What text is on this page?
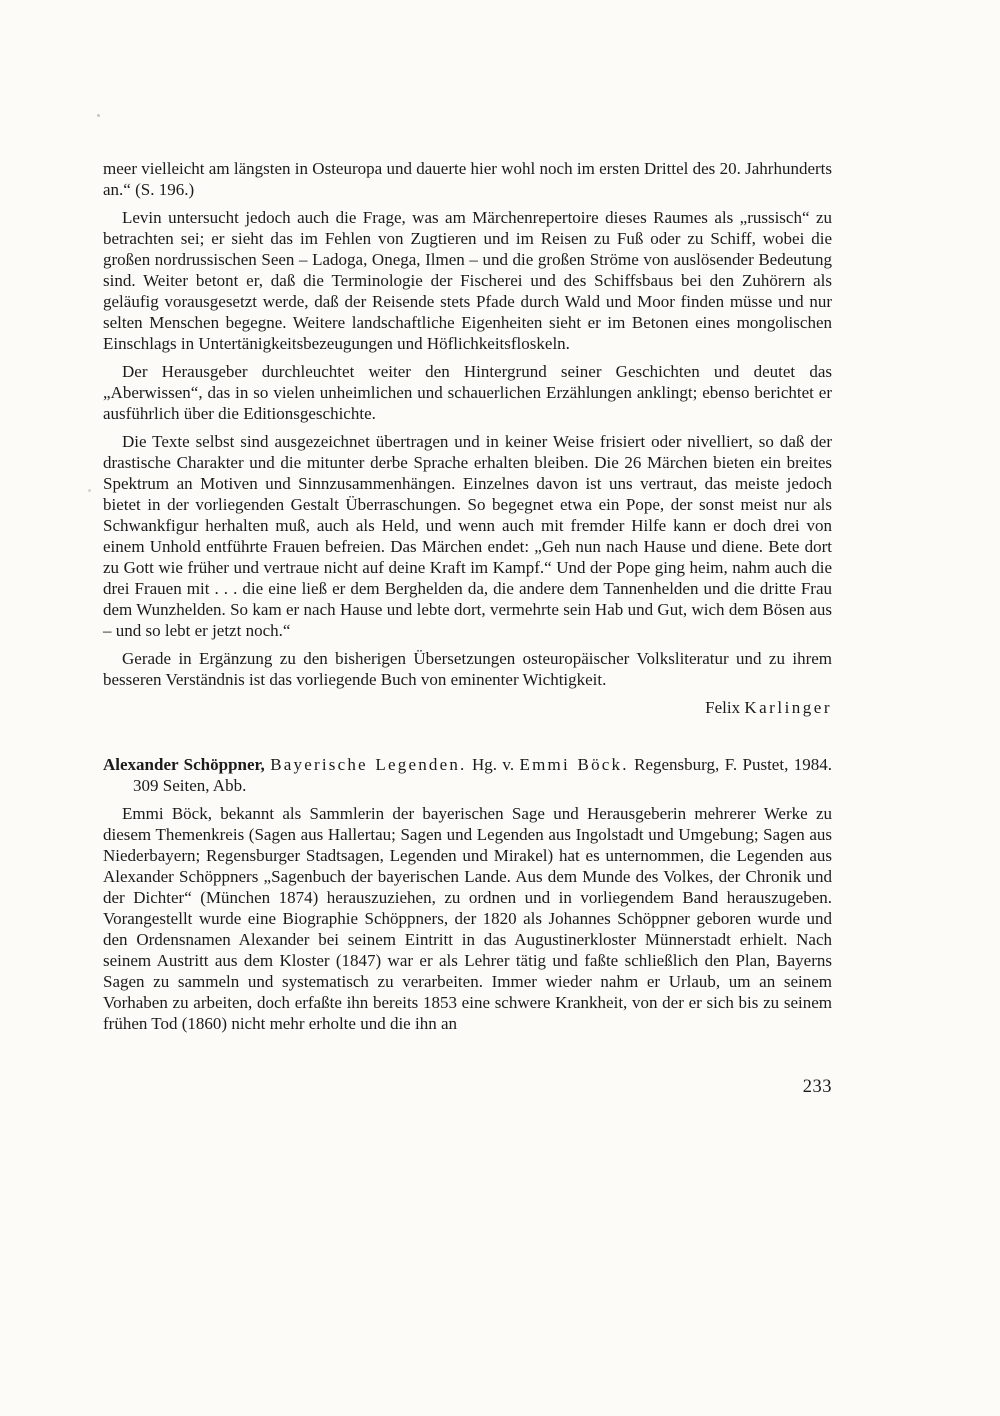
meer vielleicht am längsten in Osteuropa und dauerte hier wohl noch im ersten Drittel des 20. Jahrhunderts an.“ (S. 196.)

Levin untersucht jedoch auch die Frage, was am Märchenrepertoire dieses Raumes als „russisch“ zu betrachten sei; er sieht das im Fehlen von Zugtieren und im Reisen zu Fuß oder zu Schiff, wobei die großen nordrussischen Seen – Ladoga, Onega, Ilmen – und die großen Ströme von auslösender Bedeutung sind. Weiter betont er, daß die Terminologie der Fischerei und des Schiffsbaus bei den Zuhörern als geläufig vorausgesetzt werde, daß der Reisende stets Pfade durch Wald und Moor finden müsse und nur selten Menschen begegne. Weitere landschaftliche Eigenheiten sieht er im Betonen eines mongolischen Einschlags in Untertänigkeitsbezeugungen und Höflichkeitsfloskeln.

Der Herausgeber durchleuchtet weiter den Hintergrund seiner Geschichten und deutet das „Aberwissen“, das in so vielen unheimlichen und schauerlichen Erzählungen anklingt; ebenso berichtet er ausführlich über die Editionsgeschichte.

Die Texte selbst sind ausgezeichnet übertragen und in keiner Weise frisiert oder nivelliert, so daß der drastische Charakter und die mitunter derbe Sprache erhalten bleiben. Die 26 Märchen bieten ein breites Spektrum an Motiven und Sinnzusammenhängen. Einzelnes davon ist uns vertraut, das meiste jedoch bietet in der vorliegenden Gestalt Überraschungen. So begegnet etwa ein Pope, der sonst meist nur als Schwankfigur herhalten muß, auch als Held, und wenn auch mit fremder Hilfe kann er doch drei von einem Unhold entführte Frauen befreien. Das Märchen endet: „Geh nun nach Hause und diene. Bete dort zu Gott wie früher und vertraue nicht auf deine Kraft im Kampf.“ Und der Pope ging heim, nahm auch die drei Frauen mit . . . die eine ließ er dem Berghelden da, die andere dem Tannenhelden und die dritte Frau dem Wunzhelden. So kam er nach Hause und lebte dort, vermehrte sein Hab und Gut, wich dem Bösen aus – und so lebt er jetzt noch.“

Gerade in Ergänzung zu den bisherigen Übersetzungen osteuropäischer Volksliteratur und zu ihrem besseren Verständnis ist das vorliegende Buch von eminenter Wichtigkeit.

Felix Karlinger

Alexander Schöppner, Bayerische Legenden. Hg. v. Emmi Böck. Regensburg, F. Pustet, 1984. 309 Seiten, Abb.

Emmi Böck, bekannt als Sammlerin der bayerischen Sage und Herausgeberin mehrerer Werke zu diesem Themenkreis (Sagen aus Hallertau; Sagen und Legenden aus Ingolstadt und Umgebung; Sagen aus Niederbayern; Regensburger Stadtsagen, Legenden und Mirakel) hat es unternommen, die Legenden aus Alexander Schöppners „Sagenbuch der bayerischen Lande. Aus dem Munde des Volkes, der Chronik und der Dichter“ (München 1874) herauszuziehen, zu ordnen und in vorliegendem Band herauszugeben. Vorangestellt wurde eine Biographie Schöppners, der 1820 als Johannes Schöppner geboren wurde und den Ordensnamen Alexander bei seinem Eintritt in das Augustinerkloster Münnerstadt erhielt. Nach seinem Austritt aus dem Kloster (1847) war er als Lehrer tätig und faßte schließlich den Plan, Bayerns Sagen zu sammeln und systematisch zu verarbeiten. Immer wieder nahm er Urlaub, um an seinem Vorhaben zu arbeiten, doch erfaßte ihn bereits 1853 eine schwere Krankheit, von der er sich bis zu seinem frühen Tod (1860) nicht mehr erholte und die ihn an

233
